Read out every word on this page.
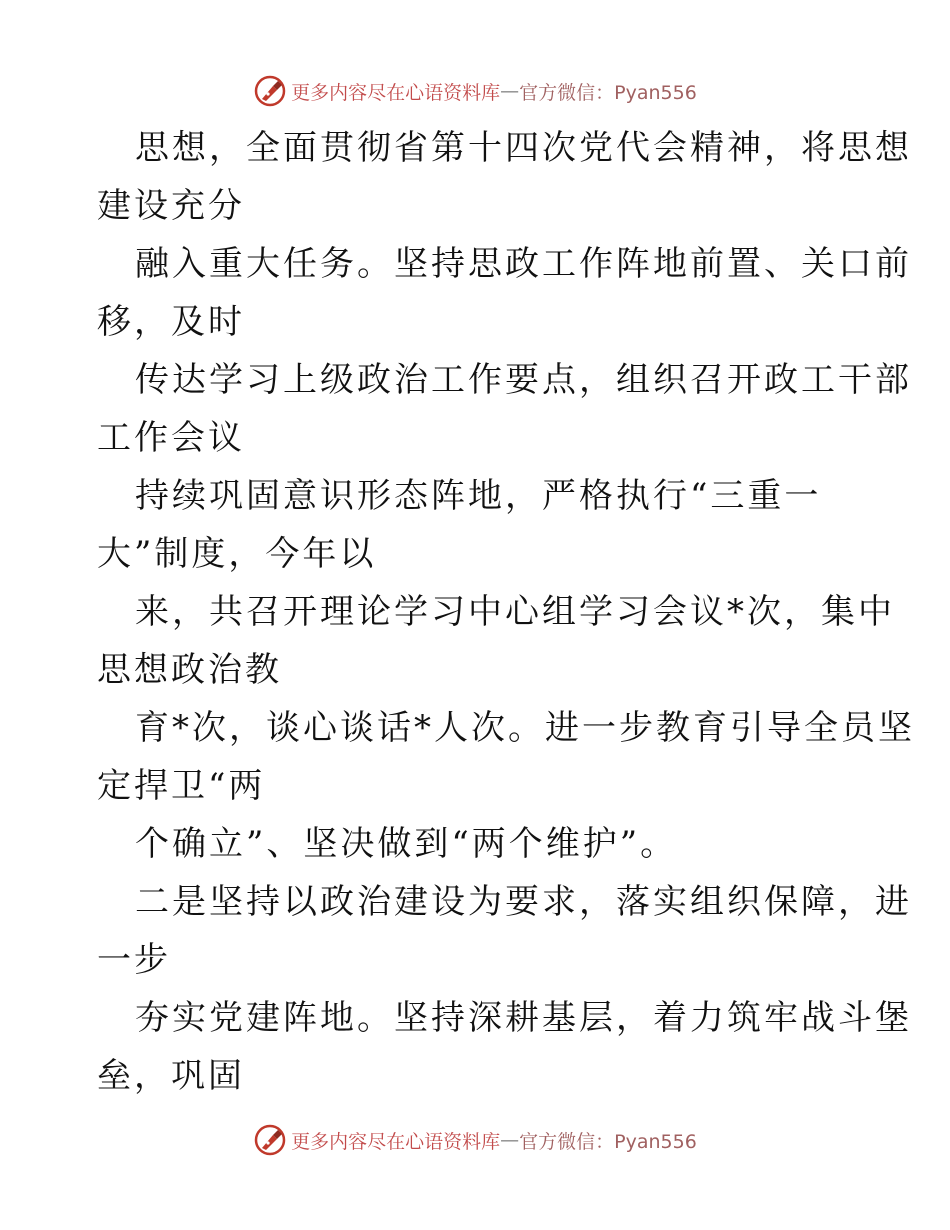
更多内容尽在心语资料库 — 官方微信：Pyan556
思想，全面贯彻省第十四次党代会精神，将思想
建设充分
融入重大任务。坚持思政工作阵地前置、关口前
移，及时
传达学习上级政治工作要点，组织召开政工干部
工作会议
持续巩固意识形态阵地，严格执行“三重一
大”制度，今年以
来，共召开理论学习中心组学习会议*次，集中
思想政治教
育*次，谈心谈话*人次。进一步教育引导全员坚
定捍卫“两
个确立”、坚决做到“两个维护”。
二是坚持以政治建设为要求，落实组织保障，进
一步
夯实党建阵地。坚持深耕基层，着力筑牢战斗堡
垒，巩固
更多内容尽在心语资料库 — 官方微信：Pyan556
